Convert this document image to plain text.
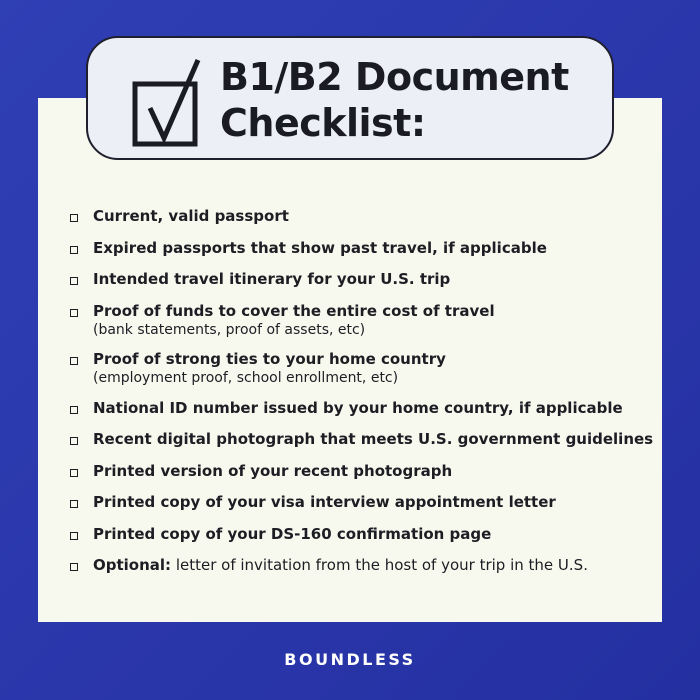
B1/B2 Document
Checklist:
Current, valid passport
Expired passports that show past travel, if applicable
Intended travel itinerary for your U.S. trip
Proof of funds to cover the entire cost of travel
(bank statements, proof of assets, etc)
Proof of strong ties to your home country
(employment proof, school enrollment, etc)
National ID number issued by your home country, if applicable
Recent digital photograph that meets U.S. government guidelines
Printed version of your recent photograph
Printed copy of your visa interview appointment letter
Printed copy of your DS-160 confirmation page
Optional: letter of invitation from the host of your trip in the U.S.
BOUNDLESS
